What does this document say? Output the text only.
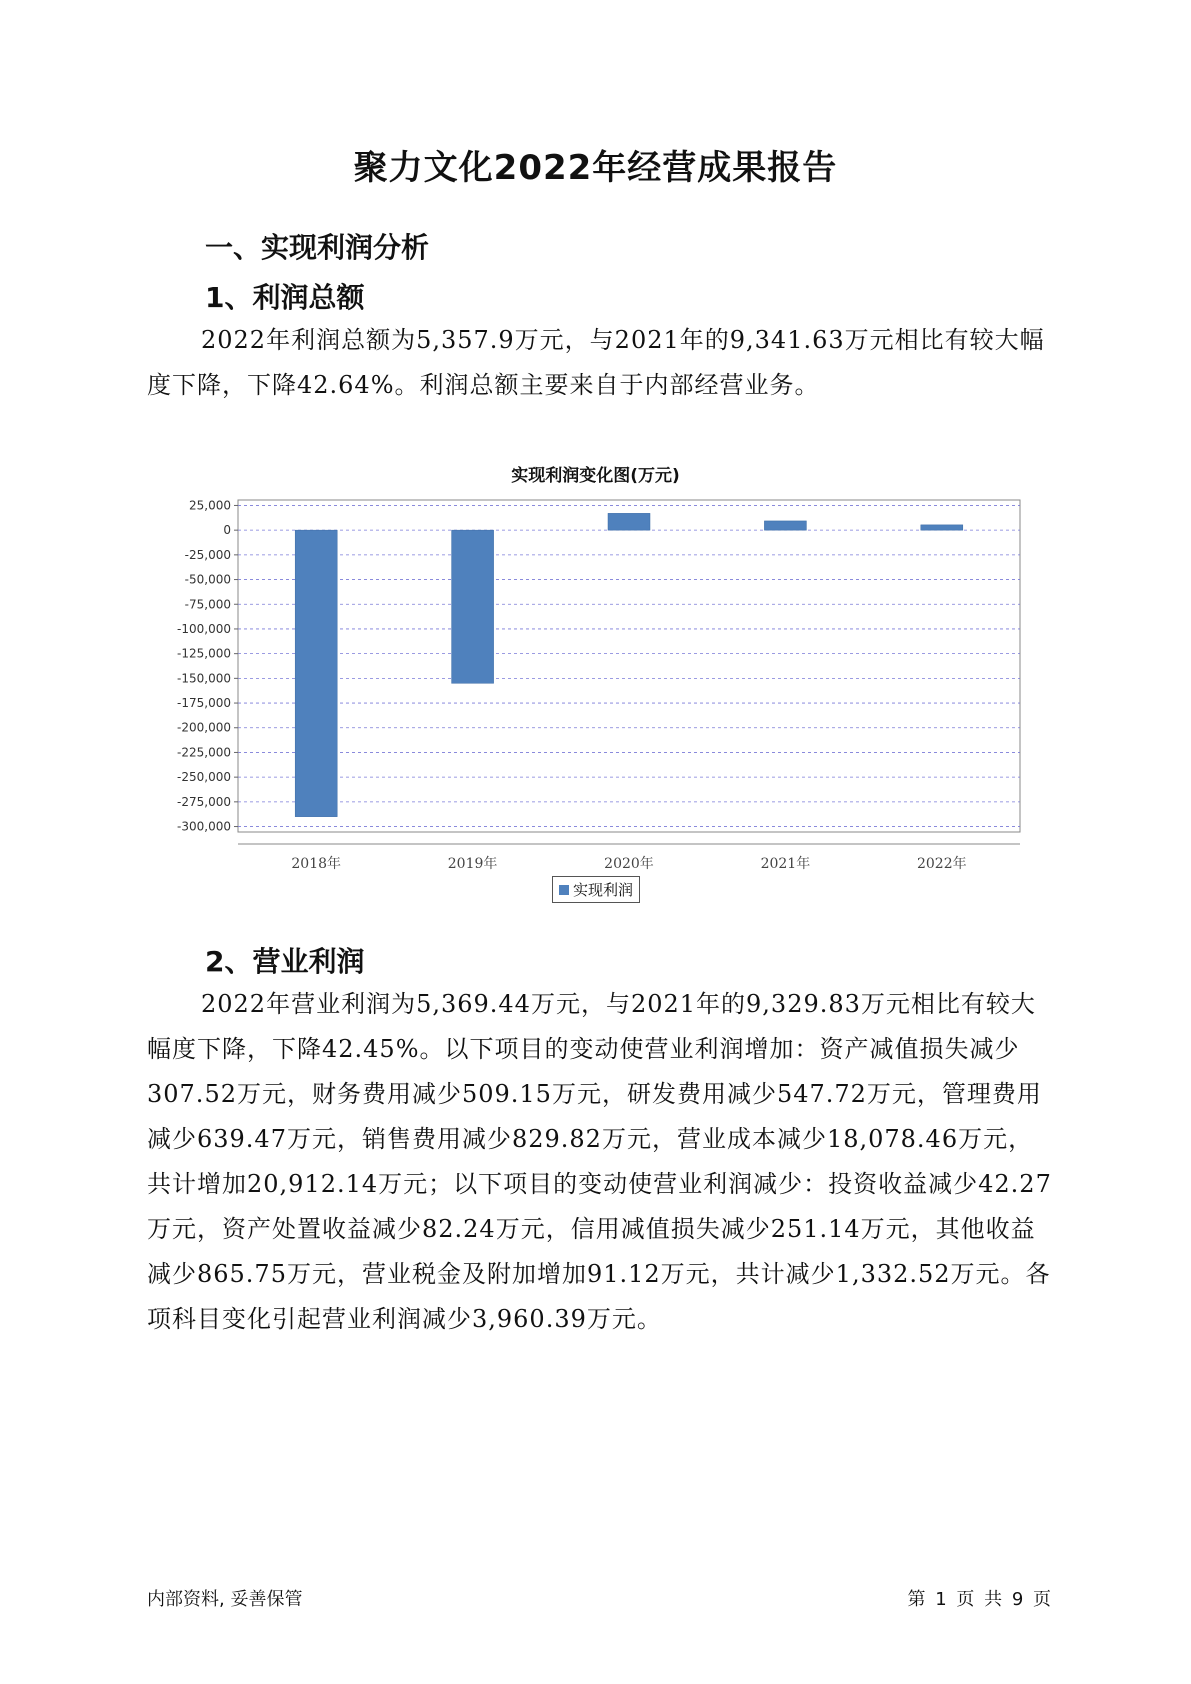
聚力文化2022年经营成果报告
一、实现利润分析
1、利润总额

2022年利润总额为5,357.9万元，与2021年的9,341.63万元相比有较大幅度下降，下降42.64%。利润总额主要来自于内部经营业务。

实现利润变化图(万元)
25,000
0
-25,000
-50,000
-75,000
-100,000
-125,000
-150,000
-175,000
-200,000
-225,000
-250,000
-275,000
-300,000
2018年	2019年	2020年	2021年	2022年
实现利润
2、营业利润

2022年营业利润为5,369.44万元，与2021年的9,329.83万元相比有较大幅度下降，下降42.45%。以下项目的变动使营业利润增加：资产减值损失减少307.52万元，财务费用减少509.15万元，研发费用减少547.72万元，管理费用减少639.47万元，销售费用减少829.82万元，营业成本减少18,078.46万元，共计增加20,912.14万元；以下项目的变动使营业利润减少：投资收益减少42.27万元，资产处置收益减少82.24万元，信用减值损失减少251.14万元，其他收益减少865.75万元，营业税金及附加增加91.12万元，共计减少1,332.52万元。各项科目变化引起营业利润减少3,960.39万元。

内部资料, 妥善保管	第 1 页 共 9 页
